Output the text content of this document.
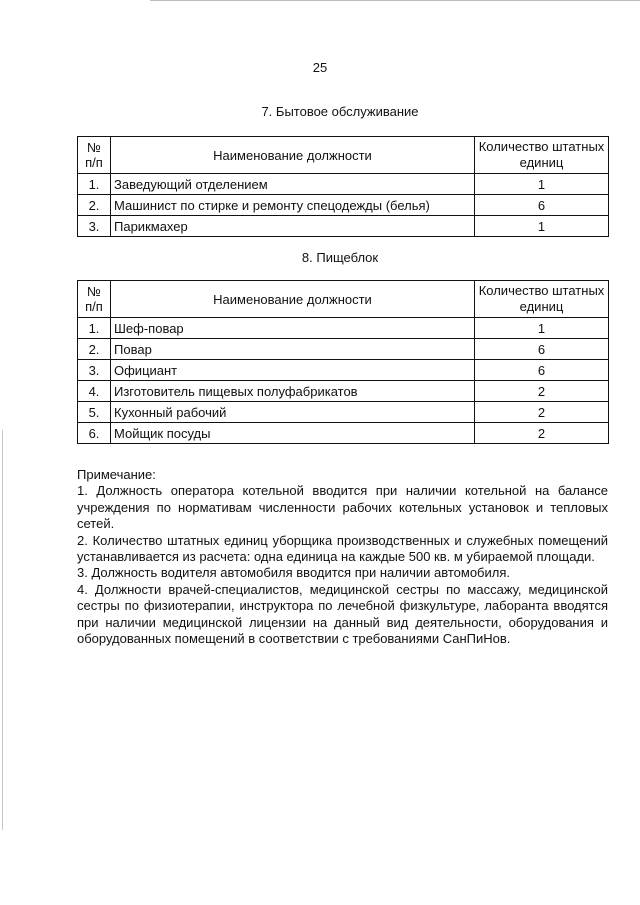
25
7. Бытовое обслуживание
№ п/п	Наименование должности	Количество штатных единиц
1.	Заведующий отделением	1
2.	Машинист по стирке и ремонту спецодежды (белья)	6
3.	Парикмахер	1
8. Пищеблок
№ п/п	Наименование должности	Количество штатных единиц
1.	Шеф-повар	1
2.	Повар	6
3.	Официант	6
4.	Изготовитель пищевых полуфабрикатов	2
5.	Кухонный рабочий	2
6.	Мойщик посуды	2

Примечание:

1. Должность оператора котельной вводится при наличии котельной на балансе учреждения по нормативам численности рабочих котельных установок и тепловых сетей.

2. Количество штатных единиц уборщика производственных и служебных помещений устанавливается из расчета: одна единица на каждые 500 кв. м убираемой площади.

3. Должность водителя автомобиля вводится при наличии автомобиля.

4. Должности врачей-специалистов, медицинской сестры по массажу, медицинской сестры по физиотерапии, инструктора по лечебной физкультуре, лаборанта вводятся при наличии медицинской лицензии на данный вид деятельности, оборудования и оборудованных помещений в соответствии с требованиями СанПиНов.
